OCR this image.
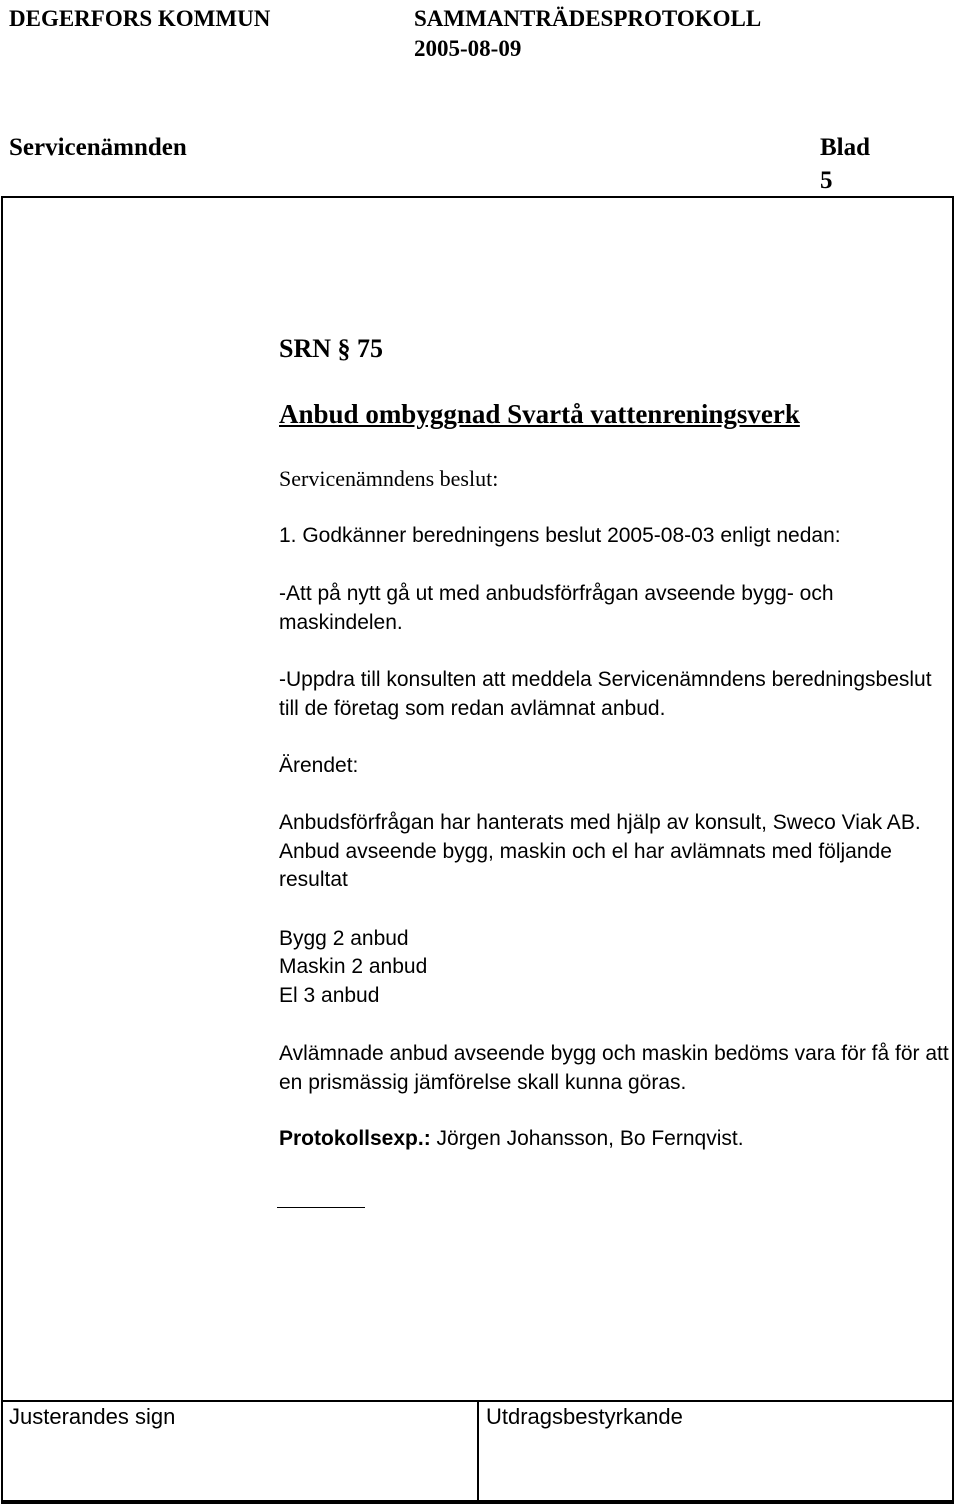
DEGERFORS KOMMUN	SAMMANTRÄDESPROTOKOLL
2005-08-09
Servicenämnden	Blad
5
SRN § 75
Anbud ombyggnad Svartå vattenreningsverk
Servicenämndens beslut:
1. Godkänner beredningens beslut 2005-08-03 enligt nedan:
-Att på nytt gå ut med anbudsförfrågan avseende bygg- och maskindelen.
-Uppdra till konsulten att meddela Servicenämndens beredningsbeslut till de företag som redan avlämnat anbud.
Ärendet:
Anbudsförfrågan har hanterats med hjälp av konsult, Sweco Viak AB. Anbud avseende bygg, maskin och el har avlämnats med följande resultat
Bygg 2 anbud
Maskin 2 anbud
El 3 anbud
Avlämnade anbud avseende bygg och maskin bedöms vara för få för att en prismässig jämförelse skall kunna göras.
Protokollsexp.: Jörgen Johansson, Bo Fernqvist.
Justerandes sign	Utdragsbestyrkande
